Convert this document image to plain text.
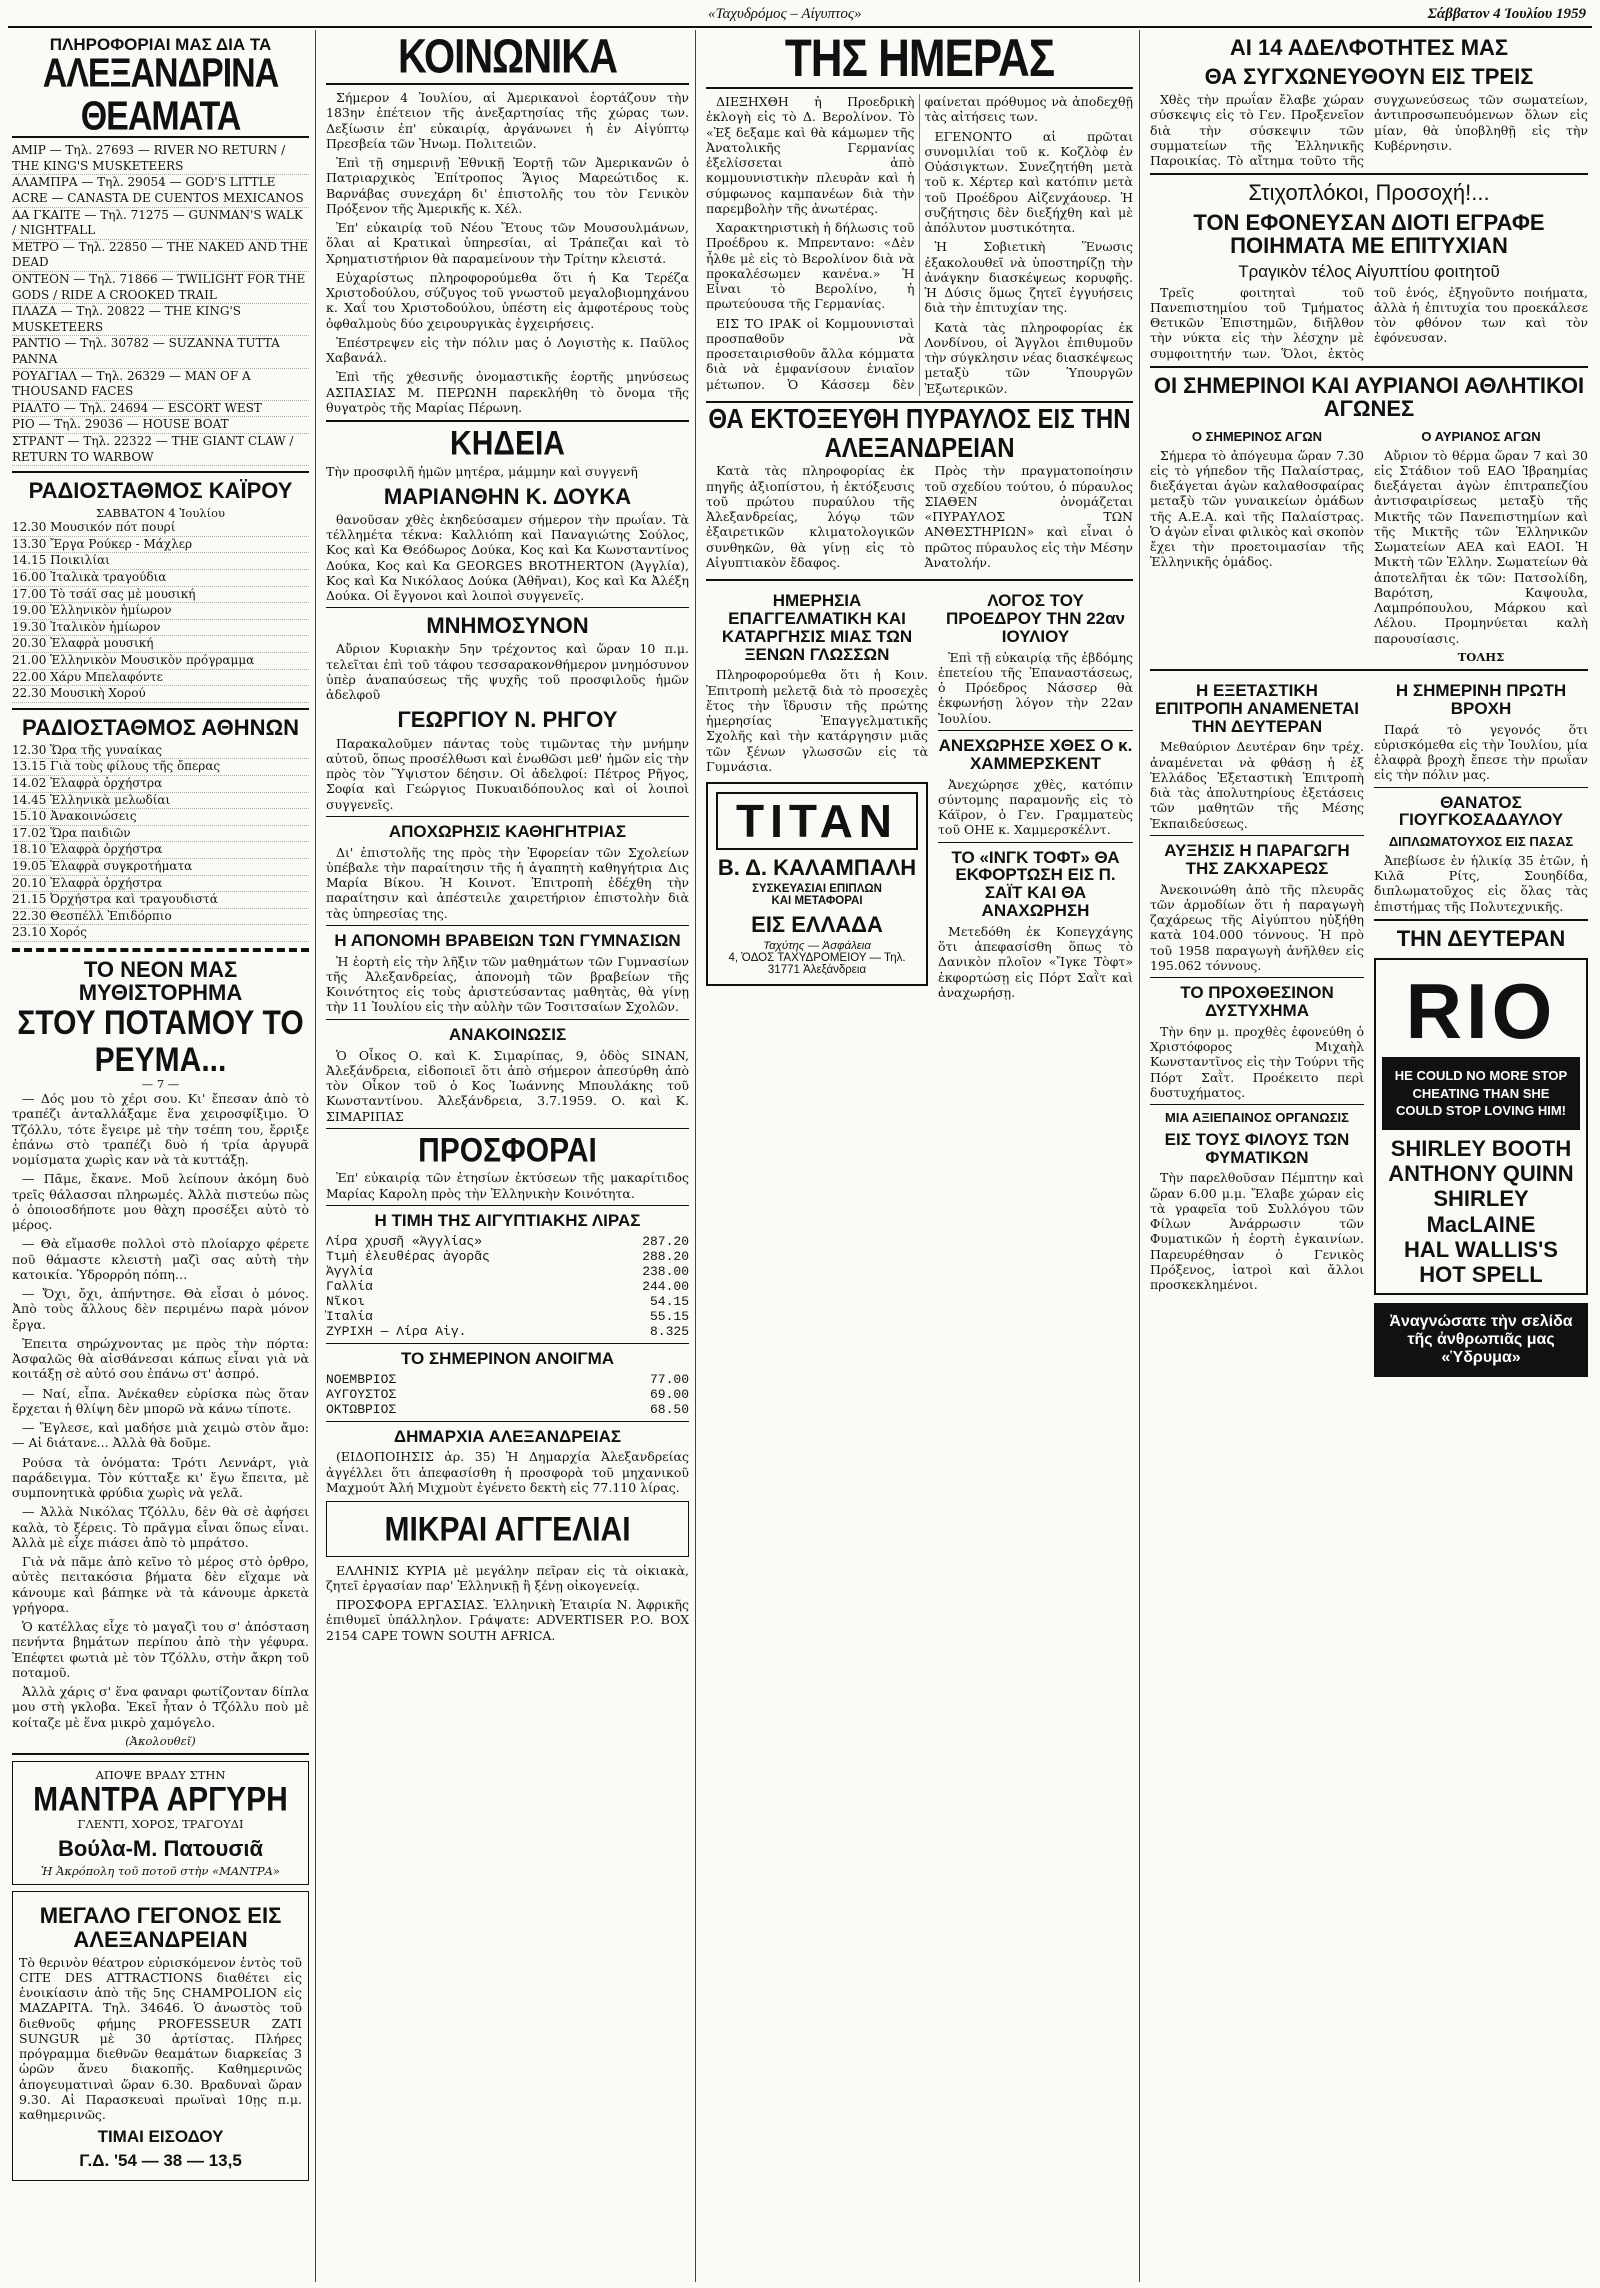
«Ταχυδρόμος – Αίγυπτος»	Σάββατον 4 Ἰουλίου 1959
ΠΛΗΡΟΦΟΡΙΑΙ ΜΑΣ ΔΙΑ ΤΑ
ΑΛΕΞΑΝΔΡΙΝΑ ΘΕΑΜΑΤΑ
ΑΜΙΡ — Τηλ. 27693 — RIVER NO RETURN / THE KING'S MUSKETEERS
ΑΛΑΜΠΡΑ — Τηλ. 29054 — GOD'S LITTLE ACRE — CANASTA DE CUENTOS MEXICANOS
ΑΑ ΓΚΑΙΤΕ — Τηλ. 71275 — GUNMAN'S WALK / NIGHTFALL
ΜΕΤΡΟ — Τηλ. 22850 — THE NAKED AND THE DEAD
ΟΝΤΕΟΝ — Τηλ. 71866 — TWILIGHT FOR THE GODS / RIDE A CROOKED TRAIL
ΠΛΑΖΑ — Τηλ. 20822 — THE KING'S MUSKETEERS
PANTIO — Τηλ. 30782 — SUZANNA TUTTA PANNA
ΡΟΥΑΓΙΑΛ — Τηλ. 26329 — MAN OF A THOUSAND FACES
ΡΙΑΛΤΟ — Τηλ. 24694 — ESCORT WEST
ΡΙΟ — Τηλ. 29036 — HOUSE BOAT
ΣΤΡΑΝΤ — Τηλ. 22322 — THE GIANT CLAW / RETURN TO WARBOW
ΡΑΔΙΟΣΤΑΘΜΟΣ ΚΑΪΡΟΥ
ΣΑΒΒΑΤΟΝ 4 Ἰουλίου
12.30 Μουσικόν πότ πουρί
13.30 Ἔργα Ρούκερ - Μάχλερ
14.15 Ποικιλίαι
16.00 Ἰταλικὰ τραγούδια
17.00 Τὸ τσάϊ σας μὲ μουσική
19.00 Ἑλληνικὸν ἡμίωρον
19.30 Ἰταλικὸν ἡμίωρον
20.30 Ἐλαφρὰ μουσική
21.00 Ἑλληνικὸν Μουσικὸν πρόγραμμα
22.00 Χάρυ Μπελαφόντε
22.30 Μουσικὴ Χορού
ΡΑΔΙΟΣΤΑΘΜΟΣ ΑΘΗΝΩΝ
12.30 Ὥρα τῆς γυναίκας
13.15 Γιὰ τοὺς φίλους τῆς ὄπερας
14.02 Ἐλαφρὰ ὀρχήστρα
14.45 Ἑλληνικὰ μελωδίαι
15.10 Ἀνακοινώσεις
17.02 Ὥρα παιδιῶν
18.10 Ἐλαφρὰ ὀρχήστρα
19.05 Ἑλαφρὰ συγκροτήματα
20.10 Ἐλαφρὰ ὀρχήστρα
21.15 Ὀρχήστρα καὶ τραγουδιστά
22.30 Θεσπέλλ Ἐπιδόρπιο
23.10 Χορός
ΤΟ ΝΕΟΝ ΜΑΣ ΜΥΘΙΣΤΟΡΗΜΑ
ΣΤΟΥ ΠΟΤΑΜΟΥ ΤΟ ΡΕΥΜΑ...
— 7 —

— Δός μου τὸ χέρι σου. Κι' ἔπεσαν ἀπὸ τὸ τραπέζι ἀνταλλάξαμε ἕνα χειροσφίξιμο. Ὁ Τζόλλυ, τότε ἔγειρε μὲ τὴν τσέπη του, ἔρριξε ἐπάνω στὸ τραπέζι δυὸ ή τρία ἀργυρᾶ νομίσματα χωρὶς καν νὰ τὰ κυττάξῃ.

— Πᾶμε, ἔκανε. Μοῦ λείπουν ἀκόμη δυὸ τρεῖς θάλασσαι πληρωμές. Ἀλλὰ πιστεύω πὼς ὁ ὁποιοσδήποτε μου θὰχη προσέξει αὐτὸ τὸ μέρος.

— Θὰ εἴμασθε πολλοὶ στὸ πλοίαρχο φέρετε ποῦ θάμαστε κλειστὴ μαζὶ σας αὐτὴ τὴν κατοικία. Ὑδρορρόη πόπη…

— Ὄχι, ὄχι, ἀπήντησε. Θὰ εἶσαι ὁ μόνος. Ἀπὸ τοὺς ἄλλους δὲν περιμένω παρὰ μόνον ἔργα.

Ἐπειτα σηρώχνοντας με πρὸς τὴν πόρτα: Ἀσφαλῶς θὰ αἰσθάνεσαι κάπως εἶναι γιὰ νὰ κοιτάξῃ σὲ αὐτό σου ἐπάνω στ' ἀσπρό.

— Ναί, εἶπα. Ἀνέκαθεν εὑρίσκα πὼς ὅταν ἔρχεται ἡ θλίψη δὲν μπορῶ νὰ κάνω τίποτε.

— Ἔγλεσε, καὶ μαδήσε μιὰ χειμὼ στὸν ἄμο: — Αἱ διάτανε... Ἀλλὰ θὰ δοῦμε.

Ρούσα τὰ ὀνόματα: Τρότι Λεννάρτ, γιὰ παράδειγμα. Τὸν κύτταξε κι' ἔγω ἔπειτα, μὲ συμπονητικὰ φρύδια χωρὶς νὰ γελᾶ.

— Ἀλλὰ Νικόλας Τζόλλυ, δὲν θὰ σὲ ἀφήσει καλὰ, τὸ ξέρεις. Τὸ πρᾶγμα εἶναι ὅπως εἶναι. Ἀλλὰ μὲ εἶχε πιάσει ἀπὸ τὸ μπράτσο.

Γιὰ νὰ πᾶμε ἀπὸ κεῖνο τὸ μέρος στὸ ὀρθρο, αὐτὲς πειτακόσια βήματα δὲν εἴχαμε νὰ κάνουμε καὶ βάπηκε νὰ τὰ κάνουμε ἀρκετὰ γρήγορα.

Ὁ κατέλλας εἶχε τὸ μαγαζὶ του σ' ἀπόσταση πενήντα βημάτων περίπου ἀπὸ τὴν γέφυρα. Ἐπέφτει φωτιὰ μὲ τὸν Τζόλλυ, στὴν ἄκρη τοῦ ποταμοῦ.

Ἀλλὰ χάρις σ' ἕνα φαναρι φωτίζονταν δίπλα μου στὴ γκλοβα. Ἐκεῖ ἦταν ὁ Τζόλλυ ποὺ μὲ κοίταζε μὲ ἕνα μικρὸ χαμόγελο.

(Ἀκολουθεῖ)
ΑΠΟΨΕ ΒΡΑΔΥ ΣΤΗΝ
ΜΑΝΤΡΑ ΑΡΓΥΡΗ
ΓΛΕΝΤΙ, ΧΟΡΟΣ, ΤΡΑΓΟΥΔΙ
Βούλα-Μ. Πατουσιᾶ
Ἡ Ἀκρόπολη τοῦ ποτοῦ στὴν «ΜΑΝΤΡΑ»
ΜΕΓΑΛΟ ΓΕΓΟΝΟΣ ΕΙΣ ΑΛΕΞΑΝΔΡΕΙΑΝ

Τὸ θερινὸν θέατρον εὐρισκόμενον ἐντὸς τοῦ CITE DES ATTRACTIONS διαθέτει εἰς ἐνοικίασιν ἀπὸ τῆς 5ης CHAMPOLION εἰς ΜΑΖΑΡΙΤΑ. Τηλ. 34646. Ὁ ἀνωστὸς τοῦ διεθνοῦς φήμης PROFESSEUR ZATI SUNGUR μὲ 30 ἀρτίστας. Πλήρες πρόγραμμα διεθνῶν θεαμάτων διαρκείας 3 ὡρῶν ἄνευ διακοπῆς. Καθημερινῶς ἀπογευματιναὶ ὥραν 6.30. Βραδυναὶ ὥραν 9.30. Αἱ Παρασκευαὶ πρωϊναὶ 10ῃς π.μ. καθημερινῶς.

ΤΙΜΑΙ ΕΙΣΟΔΟΥ
Γ.Δ. '54 — 38 — 13,5
ΚΟΙΝΩΝΙΚΑ

Σήμερον 4 Ἰουλίου, αἱ Ἀμερικανοὶ ἑορτάζουν τὴν 183ην ἐπέτειον τῆς ἀνεξαρτησίας τῆς χώρας των. Δεξίωσιν ἐπ' εὐκαιρίᾳ, ἀργάνωνει ἡ ἐν Αἰγύπτῳ Πρεσβεία τῶν Ἠνωμ. Πολιτειῶν.

Ἐπὶ τῇ σημερινῇ Ἐθνικῇ Ἑορτῇ τῶν Ἀμερικανῶν ὁ Πατριαρχικὸς Ἐπίτροπος Ἅγιος Μαρεώτιδος κ. Βαρνάβας συνεχάρη δι' ἐπιστολῆς του τὸν Γενικὸν Πρόξενον τῆς Ἀμερικῆς κ. Χέλ.

Ἐπ' εὐκαιρίᾳ τοῦ Νέου Ἔτους τῶν Μουσουλμάνων, ὅλαι αἱ Κρατικαὶ ὑπηρεσίαι, αἱ Τράπεζαι καὶ τὸ Χρηματιστήριον θὰ παραμείνουν τὴν Τρίτην κλειστά.

Εὐχαρίστως πληροφορούμεθα ὅτι ἡ Κα Τερέζα Χριστοδούλου, σύζυγος τοῦ γνωστοῦ μεγαλοβιομηχάνου κ. Χαΐ του Χριστοδούλου, ὑπέστη εἰς ἀμφοτέρους τοὺς ὀφθαλμοὺς δύο χειρουργικὰς ἐγχειρήσεις.

Ἐπέστρεψεν εἰς τὴν πόλιν μας ὁ Λογιστὴς κ. Παῦλος Χαβανάλ.

Ἐπὶ τῆς χθεσινῆς ὀνομαστικῆς ἑορτῆς μηνύσεως ΑΣΠΑΣΙΑΣ Μ. ΠΕΡΩΝΗ παρεκλήθη τὸ ὄνομα τῆς θυγατρὸς τῆς Μαρίας Πέρωνη.

ΚΗΔΕΙΑ

Τὴν προσφιλῆ ἡμῶν μητέρα, μάμμην καὶ συγγενῆ

ΜΑΡΙΑΝΘΗΝ Κ. ΔΟΥΚΑ

θανοῦσαν χθὲς ἐκηδεύσαμεν σήμερον τὴν πρωΐαν. Τὰ τέλλημέτα τέκνα: Καλλιόπη καὶ Παναγιώτης Σούλος, Κος καὶ Κα Θεόδωρος Δούκα, Κος καὶ Κα Κωνσταντίνος Δούκα, Κος καὶ Κα GEORGES BROTHERTON (Ἀγγλία), Κος καὶ Κα Νικόλαος Δούκα (Ἀθῆναι), Κος καὶ Κα Ἀλέξη Δούκα. Οἱ ἔγγονοι καὶ λοιποὶ συγγενεῖς.

ΜΝΗΜΟΣΥΝΟΝ

Αὔριον Κυριακὴν 5ην τρέχοντος καὶ ὥραν 10 π.μ. τελεῖται ἐπὶ τοῦ τάφου τεσσαρακονθήμερον μνημόσυνον ὑπὲρ ἀναπαύσεως τῆς ψυχῆς τοῦ προσφιλοῦς ἡμῶν ἀδελφοῦ

ΓΕΩΡΓΙΟΥ Ν. ΡΗΓΟΥ

Παρακαλοῦμεν πάντας τοὺς τιμῶντας τὴν μνήμην αὐτοῦ, ὅπως προσέλθωσι καὶ ἑνωθῶσι μεθ' ἡμῶν εἰς τὴν πρὸς τὸν Ὕψιστον δέησιν. Οἱ ἀδελφοί: Πέτρος Ρῆγος, Σοφία καὶ Γεώργιος Πυκυαιδόπουλος καὶ οἱ λοιποὶ συγγενεῖς.

ΑΠΟΧΩΡΗΣΙΣ ΚΑΘΗΓΗΤΡΙΑΣ

Δι' ἐπιστολῆς της πρὸς τὴν Ἐφορείαν τῶν Σχολείων ὑπέβαλε τὴν παραίτησιν τῆς ἡ ἀγαπητὴ καθηγήτρια Δις Μαρία Βίκου. Ἡ Κοινοτ. Ἐπιτροπὴ ἐδέχθη τὴν παραίτησιν καὶ ἀπέστειλε χαιρετήριον ἐπιστολὴν διὰ τὰς ὑπηρεσίας της.

Η ΑΠΟΝΟΜΗ ΒΡΑΒΕΙΩΝ ΤΩΝ ΓΥΜΝΑΣΙΩΝ

Ἡ ἑορτὴ εἰς τὴν λῆξιν τῶν μαθημάτων τῶν Γυμνασίων τῆς Ἀλεξανδρείας, ἀπονομὴ τῶν βραβείων τῆς Κοινότητος εἰς τοὺς ἀριστεύσαντας μαθητὰς, θὰ γίνῃ τὴν 11 Ἰουλίου εἰς τὴν αὐλὴν τῶν Τοσιτσαίων Σχολῶν.

ΑΝΑΚΟΙΝΩΣΙΣ

Ὁ Οἶκος Ο. καὶ Κ. Σιμαρίπας, 9, ὁδὸς SINAN, Ἀλεξάνδρεια, εἰδοποιεῖ ὅτι ἀπὸ σήμερον ἀπεσύρθη ἀπὸ τὸν Οἶκον τοῦ ὁ Κος Ἰωάννης Μπουλάκης τοῦ Κωνσταντίνου. Ἀλεξάνδρεια, 3.7.1959. Ο. καὶ Κ. ΣΙΜΑΡΙΠΑΣ

ΠΡΟΣΦΟΡΑΙ

Ἐπ' εὐκαιρίᾳ τῶν ἐτησίων ἐκτύσεων τῆς μακαρίτιδος Μαρίας Καρολη πρὸς τὴν Ἑλληνικὴν Κοινότητα.

Η ΤΙΜΗ ΤΗΣ ΑΙΓΥΠΤΙΑΚΗΣ ΛΙΡΑΣ
Λίρα χρυσῆ «Ἀγγλίας»	287.20
Τιμὴ ἐλευθέρας ἀγορᾶς	288.20
Ἀγγλία	238.00
Γαλλία	244.00
Νῖκοι	54.15
Ἰταλία	55.15
ΖΥΡΙΧΗ — Λίρα Αἰγ.	8.325
ΤΟ ΣΗΜΕΡΙΝΟΝ ΑΝΟΙΓΜΑ
ΝΟΕΜΒΡΙΟΣ	77.00
ΑΥΓΟΥΣΤΟΣ	69.00
ΟΚΤΩΒΡΙΟΣ	68.50
ΔΗΜΑΡΧΙΑ ΑΛΕΞΑΝΔΡΕΙΑΣ

(ΕΙΔΟΠΟΙΗΣΙΣ ἀρ. 35) Ἡ Δημαρχία Ἀλεξανδρείας ἀγγέλλει ὅτι ἀπεφασίσθη ἡ προσφορὰ τοῦ μηχανικοῦ Μαχμούτ Ἀλή Μιχμοὺτ ἐγένετο δεκτὴ εἰς 77.110 λίρας.

ΜΙΚΡΑΙ ΑΓΓΕΛΙΑΙ

ΕΛΛΗΝΙΣ ΚΥΡΙΑ μὲ μεγάλην πεῖραν εἰς τὰ οἰκιακὰ, ζητεῖ ἐργασίαν παρ' Ἑλληνικῇ ἢ ξένῃ οἰκογενείᾳ.

ΠΡΟΣΦΟΡΑ ΕΡΓΑΣΙΑΣ. Ἑλληνικὴ Ἑταιρία Ν. Ἀφρικῆς ἐπιθυμεῖ ὑπάλληλον. Γράψατε: ADVERTISER P.O. BOX 2154 CAPE TOWN SOUTH AFRICA.

ΤΗΣ ΗΜΕΡΑΣ

ΔΙΕΞΗΧΘΗ ἡ Προεδρικὴ ἐκλογὴ εἰς τὸ Δ. Βερολίνον. Τὸ «Ἐξ δεξαμε καὶ θὰ κάμωμεν τῆς Ἀνατολικῆς Γερμανίας ἐξελίσσεται ἀπὸ κομμουνιστικὴν πλευρὰν καὶ ἡ σύμφωνος καμπανέων διὰ τὴν παρεμβολὴν τῆς ἀνωτέρας.

Χαρακτηριστικὴ ἡ δήλωσις τοῦ Προέδρου κ. Μπρεντανο: «Δὲν ἦλθε μὲ εἰς τὸ Βερολίνον διὰ νὰ προκαλέσωμεν κανένα.» Ἡ Εἶναι τὸ Βερολίνο, ἡ πρωτεύουσα τῆς Γερμανίας.

ΕΙΣ ΤΟ ΙΡΑΚ οἱ Κομμουνισταὶ προσπαθοῦν νὰ προσεταιρισθοῦν ἄλλα κόμματα διὰ νὰ ἐμφανίσουν ἑνιαῖον μέτωπον. Ὁ Κάσσεμ δὲν φαίνεται πρόθυμος νὰ ἀποδεχθῇ τὰς αἰτήσεις των.

ΕΓΕΝΟΝΤΟ αἱ πρῶται συνομιλίαι τοῦ κ. Κοζλὸφ ἐν Οὐάσιγκτων. Συνεζητήθη μετὰ τοῦ κ. Χέρτερ καὶ κατόπιν μετὰ τοῦ Προέδρου Αἰζενχάουερ. Ἡ συζήτησις δὲν διεξήχθη καὶ μὲ ἀπόλυτον μυστικότητα.

Ἡ Σοβιετικὴ Ἕνωσις ἐξακολουθεῖ νὰ ὑποστηρίζῃ τὴν ἀνάγκην διασκέψεως κορυφῆς. Ἡ Δύσις ὅμως ζητεῖ ἐγγυήσεις διὰ τὴν ἐπιτυχίαν της.

Κατὰ τὰς πληροφορίας ἐκ Λονδίνου, οἱ Ἄγγλοι ἐπιθυμοῦν τὴν σύγκλησιν νέας διασκέψεως μεταξὺ τῶν Ὑπουργῶν Ἐξωτερικῶν.

ΘΑ ΕΚΤΟΞΕΥΘΗ ΠΥΡΑΥΛΟΣ ΕΙΣ ΤΗΝ ΑΛΕΞΑΝΔΡΕΙΑΝ

Κατὰ τὰς πληροφορίας ἐκ πηγῆς ἀξιοπίστου, ἡ ἐκτόξευσις τοῦ πρώτου πυραύλου τῆς Ἀλεξανδρείας, λόγῳ τῶν ἐξαιρετικῶν κλιματολογικῶν συνθηκῶν, θὰ γίνῃ εἰς τὸ Αἰγυπτιακὸν ἔδαφος.

Πρὸς τὴν πραγματοποίησιν τοῦ σχεδίου τούτου, ὁ πύραυλος ΣΙΑΘΕΝ ὀνομάζεται «ΠΥΡΑΥΛΟΣ ΤΩΝ ΑΝΘΕΣΤΗΡΙΩΝ» καὶ εἶναι ὁ πρῶτος πύραυλος εἰς τὴν Μέσην Ἀνατολήν.

ΗΜΕΡΗΣΙΑ ΕΠΑΓΓΕΛΜΑΤΙΚΗ ΚΑΙ ΚΑΤΑΡΓΗΣΙΣ ΜΙΑΣ ΤΩΝ ΞΕΝΩΝ ΓΛΩΣΣΩΝ

Πληροφορούμεθα ὅτι ἡ Κοιν. Ἐπιτροπὴ μελετᾷ διὰ τὸ προσεχὲς ἔτος τὴν ἵδρυσιν τῆς πρώτης ἡμερησίας Ἐπαγγελματικῆς Σχολῆς καὶ τὴν κατάργησιν μιᾶς τῶν ξένων γλωσσῶν εἰς τὰ Γυμνάσια.

ΤΙΤΑΝ
Β. Δ. ΚΑΛΑΜΠΑΛΗ
ΣΥΣΚΕΥΑΣΙΑΙ ΕΠΙΠΛΩΝ
ΚΑΙ ΜΕΤΑΦΟΡΑΙ
ΕΙΣ ΕΛΛΑΔΑ
Ταχύτης — Ἀσφάλεια
4, ὉΔΟΣ ΤΑΧΥΔΡΟΜΕΙΟΥ — Τηλ. 31771 Ἀλεξάνδρεια
ΛΟΓΟΣ ΤΟΥ ΠΡΟΕΔΡΟΥ ΤΗΝ 22αν ΙΟΥΛΙΟΥ

Ἐπὶ τῇ εὐκαιρίᾳ τῆς ἐβδόμης ἐπετείου τῆς Ἐπαναστάσεως, ὁ Πρόεδρος Νάσσερ θὰ ἐκφωνήσῃ λόγον τὴν 22αν Ἰουλίου.

ΑΝΕΧΩΡΗΣΕ ΧΘΕΣ Ο κ. ΧΑΜΜΕΡΣΚΕΝΤ

Ἀνεχώρησε χθὲς, κατόπιν σύντομης παραμονῆς εἰς τὸ Κάϊρον, ὁ Γεν. Γραμματεὺς τοῦ ΟΗΕ κ. Χαμμερσκέλντ.

ΤΟ «ΙΝΓΚ ΤΟΦΤ» ΘΑ ΕΚΦΟΡΤΩΣΗ ΕΙΣ Π. ΣΑΪΤ ΚΑΙ ΘΑ ΑΝΑΧΩΡΗΣΗ

Μετεδόθη ἐκ Κοπεγχάγης ὅτι ἀπεφασίσθη ὅπως τὸ Δανικὸν πλοῖον «Ἴγκε Τὸφτ» ἐκφορτώσῃ εἰς Πόρτ Σαῒτ καὶ ἀναχωρήσῃ.

ΑΙ 14 ΑΔΕΛΦΟΤΗΤΕΣ ΜΑΣ
ΘΑ ΣΥΓΧΩΝΕΥΘΟΥΝ ΕΙΣ ΤΡΕΙΣ

Χθὲς τὴν πρωΐαν ἔλαβε χώραν σύσκεψις εἰς τὸ Γεν. Προξενεῖον διὰ τὴν σύσκεψιν τῶν συμματείων τῆς Ἑλληνικῆς Παροικίας. Τὸ αἴτημα τοῦτο τῆς συγχωνεύσεως τῶν σωματείων, ἀντιπροσωπευόμενων ὅλων εἰς μίαν, θὰ ὑποβληθῇ εἰς τὴν Κυβέρνησιν.

Στιχοπλόκοι, Προσοχή!...
ΤΟΝ ΕΦΟΝΕΥΣΑΝ ΔΙΟΤΙ ΕΓΡΑΦΕ ΠΟΙΗΜΑΤΑ ΜΕ ΕΠΙΤΥΧΙΑΝ
Τραγικὸν τέλος Αἰγυπτίου φοιτητοῦ

Τρεῖς φοιτηταὶ τοῦ Πανεπιστημίου τοῦ Τμήματος Θετικῶν Ἐπιστημῶν, διῆλθον τὴν νύκτα εἰς τὴν λέσχην μὲ συμφοιτητήν των. Ὅλοι, ἐκτὸς τοῦ ἑνός, ἐξηγοῦντο ποιήματα, ἀλλὰ ἡ ἐπιτυχία του προεκάλεσε τὸν φθόνον των καὶ τὸν ἐφόνευσαν.

ΟΙ ΣΗΜΕΡΙΝΟΙ ΚΑΙ ΑΥΡΙΑΝΟΙ ΑΘΛΗΤΙΚΟΙ ΑΓΩΝΕΣ
Ο ΣΗΜΕΡΙΝΟΣ ΑΓΩΝ

Σήμερα τὸ ἀπόγευμα ὥραν 7.30 εἰς τὸ γήπεδον τῆς Παλαίστρας, διεξάγεται ἀγὼν καλαθοσφαίρας μεταξὺ τῶν γυναικείων ὁμάδων τῆς Α.Ε.Α. καὶ τῆς Παλαίστρας. Ὁ ἀγὼν εἶναι φιλικὸς καὶ σκοπὸν ἔχει τὴν προετοιμασίαν τῆς Ἑλληνικῆς ὁμάδος.

Ο ΑΥΡΙΑΝΟΣ ΑΓΩΝ

Αὔριον τὸ θέρμα ὥραν 7 καὶ 30 εἰς Στάδιον τοῦ ΕΑΟ Ἰβραημίας διεξάγεται ἀγὼν ἐπιτραπεζίου ἀντισφαιρίσεως μεταξὺ τῆς Μικτῆς τῶν Πανεπιστημίων καὶ τῆς Μικτῆς τῶν Ἑλληνικῶν Σωματείων ΑΕΑ καὶ ΕΑΟΙ. Ἡ Μικτὴ τῶν Ἑλλην. Σωματείων θὰ ἀποτελῆται ἐκ τῶν: Πατσολίδη, Βαρότση, Καψουλα, Λαμπρόπουλου, Μάρκου καὶ Λέλου. Προμηνύεται καλὴ παρουσίασις.

ΤΟΛΗΣ
Η ΕΞΕΤΑΣΤΙΚΗ ΕΠΙΤΡΟΠΗ ΑΝΑΜΕΝΕΤΑΙ ΤΗΝ ΔΕΥΤΕΡΑΝ

Μεθαύριον Δευτέραν 6ην τρέχ. ἀναμένεται νὰ φθάσῃ ἡ ἐξ Ἑλλάδος Ἐξεταστικὴ Ἐπιτροπὴ διὰ τὰς ἀπολυτηρίους ἐξετάσεις τῶν μαθητῶν τῆς Μέσης Ἐκπαιδεύσεως.

ΑΥΞΗΣΙΣ Η ΠΑΡΑΓΩΓΗ ΤΗΣ ΖΑΚΧΑΡΕΩΣ

Ἀνεκοινώθη ἀπὸ τῆς πλευρᾶς τῶν ἁρμοδίων ὅτι ἡ παραγωγὴ ζαχάρεως τῆς Αἰγύπτου ηὐξήθη κατὰ 104.000 τόννους. Ἡ πρὸ τοῦ 1958 παραγωγὴ ἀνῆλθεν εἰς 195.062 τόννους.

ΤΟ ΠΡΟΧΘΕΣΙΝΟΝ ΔΥΣΤΥΧΗΜΑ

Τὴν 6ην μ. προχθὲς ἐφονεύθη ὁ Χριστόφορος Μιχαὴλ Κωνσταντῖνος εἰς τὴν Τούρνι τῆς Πόρτ Σαῒτ. Προέκειτο περὶ δυστυχήματος.

ΜΙΑ ΑΞΙΕΠΑΙΝΟΣ ΟΡΓΑΝΩΣΙΣ
ΕΙΣ ΤΟΥΣ ΦΙΛΟΥΣ ΤΩΝ ΦΥΜΑΤΙΚΩΝ

Τὴν παρελθοῦσαν Πέμπτην καὶ ὥραν 6.00 μ.μ. Ἔλαβε χώραν εἰς τὰ γραφεῖα τοῦ Συλλόγου τῶν Φίλων Ἀνάρρωσιν τῶν Φυματικῶν ἡ ἑορτὴ ἐγκαινίων. Παρευρέθησαν ὁ Γενικὸς Πρόξενος, ἰατροὶ καὶ ἄλλοι προσκεκλημένοι.

Η ΣΗΜΕΡΙΝΗ ΠΡΩΤΗ ΒΡΟΧΗ

Παρά τὸ γεγονός ὅτι εὑρισκόμεθα εἰς τὴν Ἰουλίου, μία ἐλαφρὰ βροχὴ ἔπεσε τὴν πρωΐαν εἰς τὴν πόλιν μας.

ΘΑΝΑΤΟΣ ΓΙΟΥΓΚΟΣΑΔΑΥΛΟΥ
ΔΙΠΛΩΜΑΤΟΥΧΟΣ ΕΙΣ ΠΑΣΑΣ

Ἀπεβίωσε ἐν ἡλικίᾳ 35 ἐτῶν, ἡ Κιλᾶ Ρίτς, Σουηδίδα, διπλωματοῦχος εἰς ὅλας τὰς ἐπιστήμας τῆς Πολυτεχνικῆς.

ΤΗΝ ΔΕΥΤΕΡΑΝ
RIO
HE COULD NO MORE STOP CHEATING THAN SHE COULD STOP LOVING HIM!
SHIRLEY BOOTH
ANTHONY QUINN
SHIRLEY MacLAINE
HAL WALLIS'S
HOT SPELL
Ἀναγνώσατε τὴν σελίδα τῆς ἀνθρωπιᾶς μας «Ὑδρυμα»
